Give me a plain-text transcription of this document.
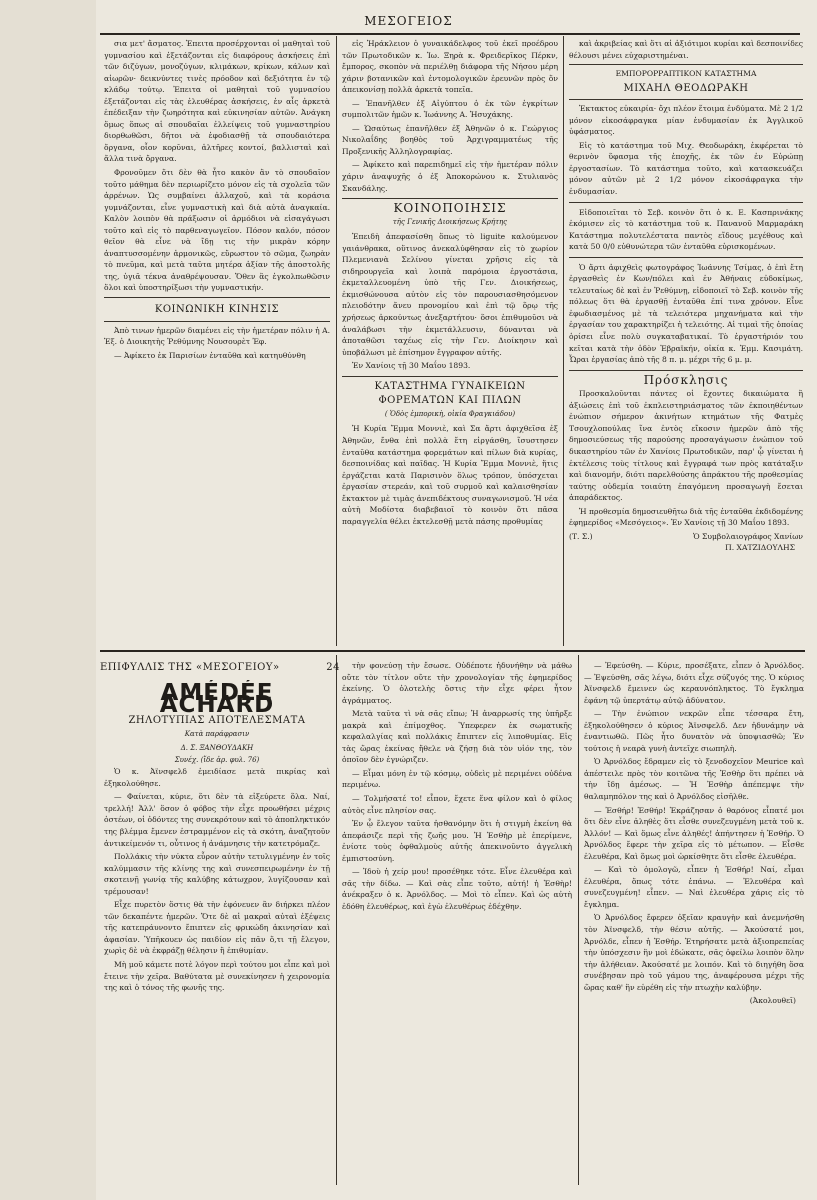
ΜΕΣΟΓΕΙΟΣ

σια μετ' ἄσματος. Ἐπειτα προσέρχονται οἱ μαθηταὶ τοῦ γυμνασίου καὶ ἐξετάζονται εἰς διαφόρους ἀσκήσεις ἐπὶ τῶν διζύγων, μονοζύγων, κλιμάκων, κρίκων, κάλων καὶ αἰωρῶν· δεικνύντες τινὲς πρόοδον καὶ δεξιότητα ἐν τῷ κλάδῳ τούτῳ. Ἐπειτα οἱ μαθηταὶ τοῦ γυμνασίου ἐξετάζονται εἰς τὰς ἐλευθέρας ἀσκήσεις, ἐν αἷς ἀρκετὰ ἐπέδειξαν τὴν ζωηρότητα καὶ εὐκινησίαν αὐτῶν. Ἀνάγκη ὅμως ὅπως αἱ σπουδαῖαι ἐλλείψεις τοῦ γυμναστηρίου διορθωθῶσι, δῆτοι νὰ ἐφοδιασθῇ τὰ σπουδαιότερα ὄργανα, οἷον κορῦναι, ἁλτῆρες κοντοί, βαλλισταὶ καὶ ἄλλα τινὰ ὄργανα.

Φρονοῦμεν ὅτι δὲν θὰ ἦτο κακὸν ἂν τὸ σπουδαῖον τοῦτο μάθημα δὲν περιωρίζετο μόνον εἰς τὰ σχολεῖα τῶν ἀρρένων. Ὡς συμβαίνει ἀλλαχοῦ, καὶ τὰ κοράσια γυμνάζονται, εἶνε γυμναστικὴ καὶ διὰ αὐτὰ ἀναγκαία. Καλὸν λοιπὸν θὰ πράξωσιν οἱ ἁρμόδιοι νὰ εἰσαγάγωσι τοῦτο καὶ εἰς τὸ παρθεναγωγεῖον. Πόσον καλόν, πόσον θεῖον θὰ εἶνε νὰ ἴδῃ τις τὴν μικρὰν κόρην ἀναπτυσσομένην ἁρμονικῶς, εὔρωστον τὸ σῶμα, ζωηρὰν τὸ πνεῦμα, καὶ μετὰ ταῦτα μητέρα ἀξίαν τῆς ἀποστολῆς της, ὑγιᾶ τέκνα ἀναθρέψουσαν. Ὅθεν ἂς ἐγκολπωθῶσιν ὅλοι καὶ ὑποστηρίξωσι τὴν γυμναστικήν.

ΚΟΙΝΩΝΙΚΗ ΚΙΝΗΣΙΣ

Ἀπὸ τινων ἡμερῶν διαμένει εἰς τὴν ἡμετέραν πόλιν ἡ Α. Ἐξ. ὁ Διοικητὴς Ῥεθύμνης Νουσουρὲτ Ἐφ.

— Ἀφίκετο ἐκ Παρισίων ἐνταῦθα καὶ κατηυθύνθη

εἰς Ἡράκλειον ὁ γυναικάδελφος τοῦ ἐκεῖ προέδρου τῶν Πρωτοδικῶν κ. Ἰω. Ξηρὰ κ. Φρειδερῖκος Πέρκν, ἔμπορος, σκοπὸν νὰ περιέλθῃ διάφορα τῆς Νήσου μέρη χάριν βοτανικῶν καὶ ἐντομολογικῶν ἐρευνῶν πρὸς ὅν ἀπεικονίσῃ πολλὰ ἀρκετὰ τοπεῖα.

— Ἐπανῆλθεν ἐξ Αἰγύπτου ὁ ἐκ τῶν ἐγκρίτων συμπολιτῶν ἡμῶν κ. Ἰωάννης Α. Ἡσυχάκης.

— Ὡσαύτως ἐπανῆλθεν ἐξ Ἀθηνῶν ὁ κ. Γεώργιος Νικολαΐδης βοηθὸς τοῦ Ἀρχιγραμματέως τῆς Προξενικῆς Ἀλληλογραφίας.

— Ἀφίκετο καὶ παρεπιδημεῖ εἰς τὴν ἡμετέραν πόλιν χάριν ἀναψυχῆς ὁ ἐξ Ἀποκορώνου κ. Στυλιανὸς Σκανδάλης.

ΚΟΙΝΟΠΟΙΗΣΙΣ
τῆς Γενικῆς Διοικήσεως Κρήτης

Ἐπειδὴ ἀπεφασίσθη ὅπως τὸ liguite καλούμενον γαιάνθρακα, οὕτινος ἀνεκαλύφθησαν εἰς τὸ χωρίον Πλεμενιανὰ Σελίνου γίνεται χρῆσις εἰς τὰ σιδηρουργεῖα καὶ λοιπὰ παρόμοια ἐργοστάσια, ἐκμεταλλευομένη ὑπὸ τῆς Γεν. Διοικήσεως, ἐκμισθώνουσα αὐτὸν εἰς τὸν παρουσιασθησόμενον πλειοδότην ἄνευ προνομίου καὶ ἐπὶ τῷ ὅρῳ τῆς χρήσεως ἀρκούντως ἀνεξαρτήτου· ὅσοι ἐπιθυμοῦσι νὰ ἀναλάβωσι τὴν ἐκμετάλλευσιν, δύνανται νὰ ἀποταθῶσι ταχέως εἰς τὴν Γεν. Διοίκησιν καὶ ὑποβάλωσι μὲ ἐπίσημον ἔγγραφον αὐτῆς.

Ἐν Χανίοις τῇ 30 Μαΐου 1893.

ΚΑΤΑΣΤΗΜΑ ΓΥΝΑΙΚΕΙΩΝ
ΦΟΡΕΜΑΤΩΝ ΚΑΙ ΠΙΛΩΝ
( Ὁδὸς ἐμπορικὴ, οἰκία Φραγκιάδου)

Ἡ Κυρία Ἔμμα Μοννιὲ, καὶ Σα ἄρτι ἀφιχθεῖσα ἐξ Ἀθηνῶν, ἔνθα ἐπὶ πολλὰ ἔτη εἰργάσθη, ἵσυστησεν ἐνταῦθα κατάστημα φορεμάτων καὶ πίλων διὰ κυρίας, δεσποινίδας καὶ παῖδας. Ἡ Κυρία Ἔμμα Μοννιὲ, ἥτις ἐργάζεται κατὰ Παρισινὸν ὅλως τρόπον, ὑπόσχεται ἐργασίαν στερεάν, καὶ τοῦ συρμοῦ καὶ καλαισθησίαν ἔκτακτον μὲ τιμὰς ἀνεπιδέκτους συναγωνισμοῦ. Ἡ νέα αὐτὴ Μοδίστα διαβεβαιοῖ τὸ κοινὸν ὅτι πᾶσα παραγγελία θέλει ἐκτελεσθῇ μετὰ πάσης προθυμίας

καὶ ἀκριβείας καὶ ὅτι αἱ ἀξιότιμοι κυρίαι καὶ δεσποινίδες θέλουσι μένει εὐχαριστημέναι.

ΕΜΠΟΡΟΡΡΑΠΤΙΚΟΝ ΚΑΤΑΣΤΗΜΑ
ΜΙΧΑΗΛ ΘΕΟΔΩΡΑΚΗ

Ἐκτακτος εὐκαιρία· ὄχι πλέον ἕτοιμα ἐνδύματα. Μὲ 2 1/2 μόνον εἰκοσάφραγκα μίαν ἐνδυμασίαν ἐκ Ἀγγλικοῦ ὑφάσματος.

Εἰς τὸ κατάστημα τοῦ Μιχ. Θεοδωράκη, ἐκφέρεται τὸ θερινὸν ὕφασμα τῆς ἐποχῆς, ἐκ τῶν ἐν Εὐρώπῃ ἐργοστασίων. Τὸ κατάστημα τοῦτο, καὶ κατασκευάζει μόνον αὐτῶν μὲ 2 1/2 μόνον εἰκοσάφραγκα τὴν ἐνδυμασίαν.

Εἰδοποιεῖται τὸ Σεβ. κοινὸν ὅτι ὁ κ. Ε. Κασπρινάκης ἐκόμισεν εἰς τὸ κατάστημα τοῦ κ. Πανανοῦ Μαρμαράκη Κατάστημα πολυτελέστατα παντὸς εἴδους μεγέθους καὶ κατὰ 50 0/0 εὐθυνώτερα τῶν ἐνταῦθα εὑρισκομένων.

Ὁ ἄρτι ἀφιχθεὶς φωτογράφος Ἰωάννης Τσίμας, ὁ ἐπὶ ἔτη ἐργασθεὶς ἐν Κων/πόλει καὶ ἐν Ἀθήναις εὐδοκίμως, τελευταίως δὲ καὶ ἐν Ῥεθύμνῃ, εἰδοποιεῖ τὸ Σεβ. κοινὸν τῆς πόλεως ὅτι θὰ ἐργασθῇ ἐνταῦθα ἐπί τινα χρόνον. Εἶνε ἐφωδιασμένος μὲ τὰ τελειότερα μηχανήματα καὶ τὴν ἐργασίαν του χαρακτηρίζει ἡ τελειότης. Αἱ τιμαὶ τῆς ὁποίας ὁρίσει εἶνε πολὺ συγκαταβατικαί. Τὸ ἐργαστήριόν του κεῖται κατὰ τὴν ὁδὸν Ἑβραϊκήν, οἰκία κ. Ἐμμ. Κασιμάτη. Ὧραι ἐργασίας ἀπὸ τῆς 8 π. μ. μέχρι τῆς 6 μ. μ.

Πρόσκλησις

Προσκαλοῦνται πάντες οἱ ἔχοντες δικαιώματα ἢ ἀξιώσεις ἐπὶ τοῦ ἐκπλειστηριάσματος τῶν ἐκποιηθέντων ἐνώπιον σήμερον ἀκινήτων κτημάτων τῆς Φατμὲς Τσουχλοπούλας ἵνα ἐντὸς εἴκοσιν ἡμερῶν ἀπὸ τῆς δημοσιεύσεως τῆς παρούσης προσαγάγωσιν ἐνώπιον τοῦ δικαστηρίου τῶν ἐν Χανίοις Πρωτοδικῶν, παρ' ᾧ γίνεται ἡ ἐκτέλεσις τοὺς τίτλους καὶ ἔγγραφά των πρὸς κατάταξιν καὶ διανομήν, διότι παρελθούσης ἀπράκτου τῆς προθεσμίας ταύτης οὐδεμία τοιαύτη ἐπαγόμενη προσαγωγὴ ἔσεται ἀπαράδεκτος.

Ἡ προθεσμία δημοσιευθῆτω διὰ τῆς ἐνταῦθα ἐκδιδομένης ἐφημερίδος «Μεσόγειος». Ἐν Χανίοις τῇ 30 Μαΐου 1893.

(Τ. Σ.)	Ὁ Συμβολαιογράφος Χανίων
Π. ΧΑΤΖΙΔΟΥΛΗΣ
ΕΠΙΦΥΛΛΙΣ ΤΗΣ «ΜΕΣΟΓΕΙΟΥ»	24
AMÉDÉE ACHARD
ΖΗΛΟΤΥΠΙΑΣ ΑΠΟΤΕΛΕΣΜΑΤΑ
Κατὰ παράφρασιν
Δ. Σ. ΞΑΝΘΟΥΔΑΚΗ
Συνέχ. (ἴδε ἀρ. φυλ. 76)

Ὁ κ. Ἀϊνσφελδ ἐμειδίασε μετὰ πικρίας καὶ ἐξηκολούθησε.

— Φαίνεται, κύριε, ὅτι δὲν τὰ εἰξεύρετε ὅλα. Ναί, τρελλή! Ἀλλ' ὅσον ὁ φόβος τὴν εἶχε προωθήσει μέχρις ὀστέων, οἱ ὀδόντες της συνεκρότουν καὶ τὸ ἀποπληκτικόν της βλέμμα ἔμενεν ἐστραμμένον εἰς τὰ σκότη, ἀναζητοῦν ἀντικείμενόν τι, οὗτινος ἡ ἀνάμνησις τὴν κατετρόμαζε.

Πολλάκις τὴν νύκτα εὗρον αὐτὴν τετυλιγμένην ἐν τοῖς καλύμμασιν τῆς κλίνης της καὶ συνεσπειρωμένην ἐν τῇ σκοτεινῇ γωνίᾳ τῆς καλύβης κάτωχρον, λυγίζουσαν καὶ τρέμουσαν!

Εἶχε πυρετὸν ὅστις θὰ τὴν ἐφόνευεν ἂν διήρκει πλέον τῶν δεκαπέντε ἡμερῶν. Ὅτε δὲ αἱ μακραὶ αὐταὶ ἐξέψεις τῆς κατεπράυνοντο ἔπιπτεν εἰς φρικώδη ἀκινησίαν καὶ ἀφασίαν. Ὑπῆκουεν ὡς παιδίον εἰς πᾶν ὅ,τι τῇ ἔλεγον, χωρὶς δὲ νὰ ἐκφράζῃ θέλησιν ἢ ἐπιθυμίαν.

Μὴ μοῦ κάμετε ποτὲ λόγον περὶ τούτου μοι εἶπε καὶ μοὶ ἔτεινε τὴν χεῖρα. Βαθύτατα μὲ συνεκίνησεν ἡ χειρονομία της καὶ ὁ τόνος τῆς φωνῆς της.

τὴν φονεύσῃ τὴν ἔσωσε. Οὐδέποτε ἠδυνήθην νὰ μάθω οὔτε τὸν τίτλον οὔτε τὴν χρονολογίαν τῆς ἐφημερίδος ἐκείνης. Ὁ ὁλοτελὴς ὅστις τὴν εἶχε φέρει ἦτον ἀγράμματος.

Μετὰ ταῦτα τὶ νὰ σᾶς εἴπω; Ἡ ἀναρρωσίς της ὑπῆρξε μακρὰ καὶ ἐπίμοχθος. Ὑπεφερεν ἐκ σωματικῆς κεφαλαλγίας καὶ πολλάκις ἔπιπτεν εἰς λιποθυμίας. Εἰς τὰς ὥρας ἐκείνας ἤθελε νὰ ζήσῃ διὰ τὸν υἱόν της, τὸν ὁποῖον δὲν ἐγνώριζεν.

— Εἶμαι μόνη ἐν τῷ κόσμῳ, οὐδεὶς μὲ περιμένει οὐδένα περιμένω.

— Τολμήσατέ το! εἶπον, ἔχετε ἕνα φίλον καὶ ὁ φίλος αὐτὸς εἶνε πλησίον σας.

Ἐν ᾧ ἔλεγον ταῦτα ἠσθανόμην ὅτι ἡ στιγμὴ ἐκείνη θὰ ἀπεφάσιζε περὶ τῆς ζωῆς μου. Ἡ Ἐσθὴρ μὲ ἐπερίμενε, ἐνίοτε τοὺς ὀφθαλμοὺς αὐτῆς ἀπεκινοῦντο ἀγγελικὴ ἐμπιστοσύνη.

— Ἰδοὺ ἡ χείρ μου! προσέθηκε τότε. Εἶνε ἐλευθέρα καὶ σᾶς τὴν δίδω. — Καὶ σὰς εἶπε τοῦτο, αὐτή! ἡ Ἐσθὴρ! ἀνέκραξεν ὁ κ. Ἀρνόλδος. — Μοὶ τὸ εἶπεν. Καὶ ὡς αὐτὴ ἐδόθη ἐλευθέρως, καὶ ἐγὼ ἐλευθέρως ἐδέχθην.

— Ἐφεύσθη. — Κύριε, προσέξατε, εἶπεν ὁ Ἀρνόλδος. — Ἐψεύσθη, σᾶς λέγω, διότι εἶχε σύζυγός της. Ὁ κύριος Ἀϊνσφελδ ἔμεινεν ὡς κεραυνόπληκτος. Τὸ ἔγκλημα ἐφάνη τῷ ὑπερτάτῳ αὐτῷ ἀδύνατον.

— Τὴν ἐνώπιον νεκρῶν εἶπε τέσσαρα ἔτη, ἐξηκολούθησεν ὁ κύριος Ἀϊνσφελδ. Δεν ἠδυνάμην νὰ ἐναντιωθῶ. Πῶς ἦτο δυνατὸν νὰ ὑποψιασθῶ; Ἐν τούτοις ἡ νεαρὰ γυνὴ ἀντεῖχε σιωπηλὴ.

Ὁ Ἀρνόλδος ἔδραμεν εἰς τὸ ξενοδοχεῖον Meurice καὶ ἀπέστειλε πρὸς τὸν κοιτῶνα τῆς Ἐσθὴρ ὅτι πρέπει νὰ τὴν ἴδῃ ἀμέσως. — Ἡ Ἐσθὴρ ἀπέπεμψε τὴν θαλαμηπόλον της καὶ ὁ Ἀρνόλδος εἰσῆλθε.

— Ἐσθήρ! Ἐσθήρ! Ἐκράζησαν ὁ θαρόνος εἶπατέ μοι ὅτι δὲν εἶνε ἀληθὲς ὅτι εἶσθε συνεζευγμένη μετὰ τοῦ κ. Ἀλλόν! — Καὶ ὅμως εἶνε ἀληθές! ἀπήντησεν ἡ Ἐσθήρ. Ὁ Ἀρνόλδος ἔφερε τὴν χεῖρα εἰς τὸ μέτωπον. — Εἶσθε ἐλευθέρα, Καὶ ὅμως μοὶ ὡρκίσθητε ὅτι εἶσθε ἐλευθέρα.

— Καὶ τὸ ὁμολογῶ, εἶπεν ἡ Ἐσθήρ! Ναί, εἶμαι ἐλευθέρα, ὅπως τότε ἐπάνω. — Ἐλευθέρα καὶ συνεζευγμένη! εἶπεν. — Ναὶ ἐλευθέρα χάρις εἰς τὸ ἔγκλημα.

Ὁ Ἀρνόλδος ἔφερεν ὀξεῖαν κραυγὴν καὶ ἀνεμνήσθη τὸν Ἀϊνσφελδ, τὴν θέσιν αὐτῆς. — Ἀκούσατέ μοι, Ἀρνόλδε, εἶπεν ἡ Ἐσθήρ. Ἐτηρήσατε μετὰ ἀξιοπρεπείας τὴν ὑπόσχεσιν ἣν μοὶ ἐδώκατε, σᾶς ὀφείλω λοιπὸν ὅλην τὴν ἀλήθειαν. Ἀκούσατέ με λοιπόν. Καὶ τὸ διηγήθη ὅσα συνέβησαν πρὸ τοῦ γάμου της, ἀναφέρουσα μέχρι τῆς ὥρας καθ' ἣν εὑρέθη εἰς τὴν πτωχὴν καλύβην.

(Ἀκολουθεῖ)
